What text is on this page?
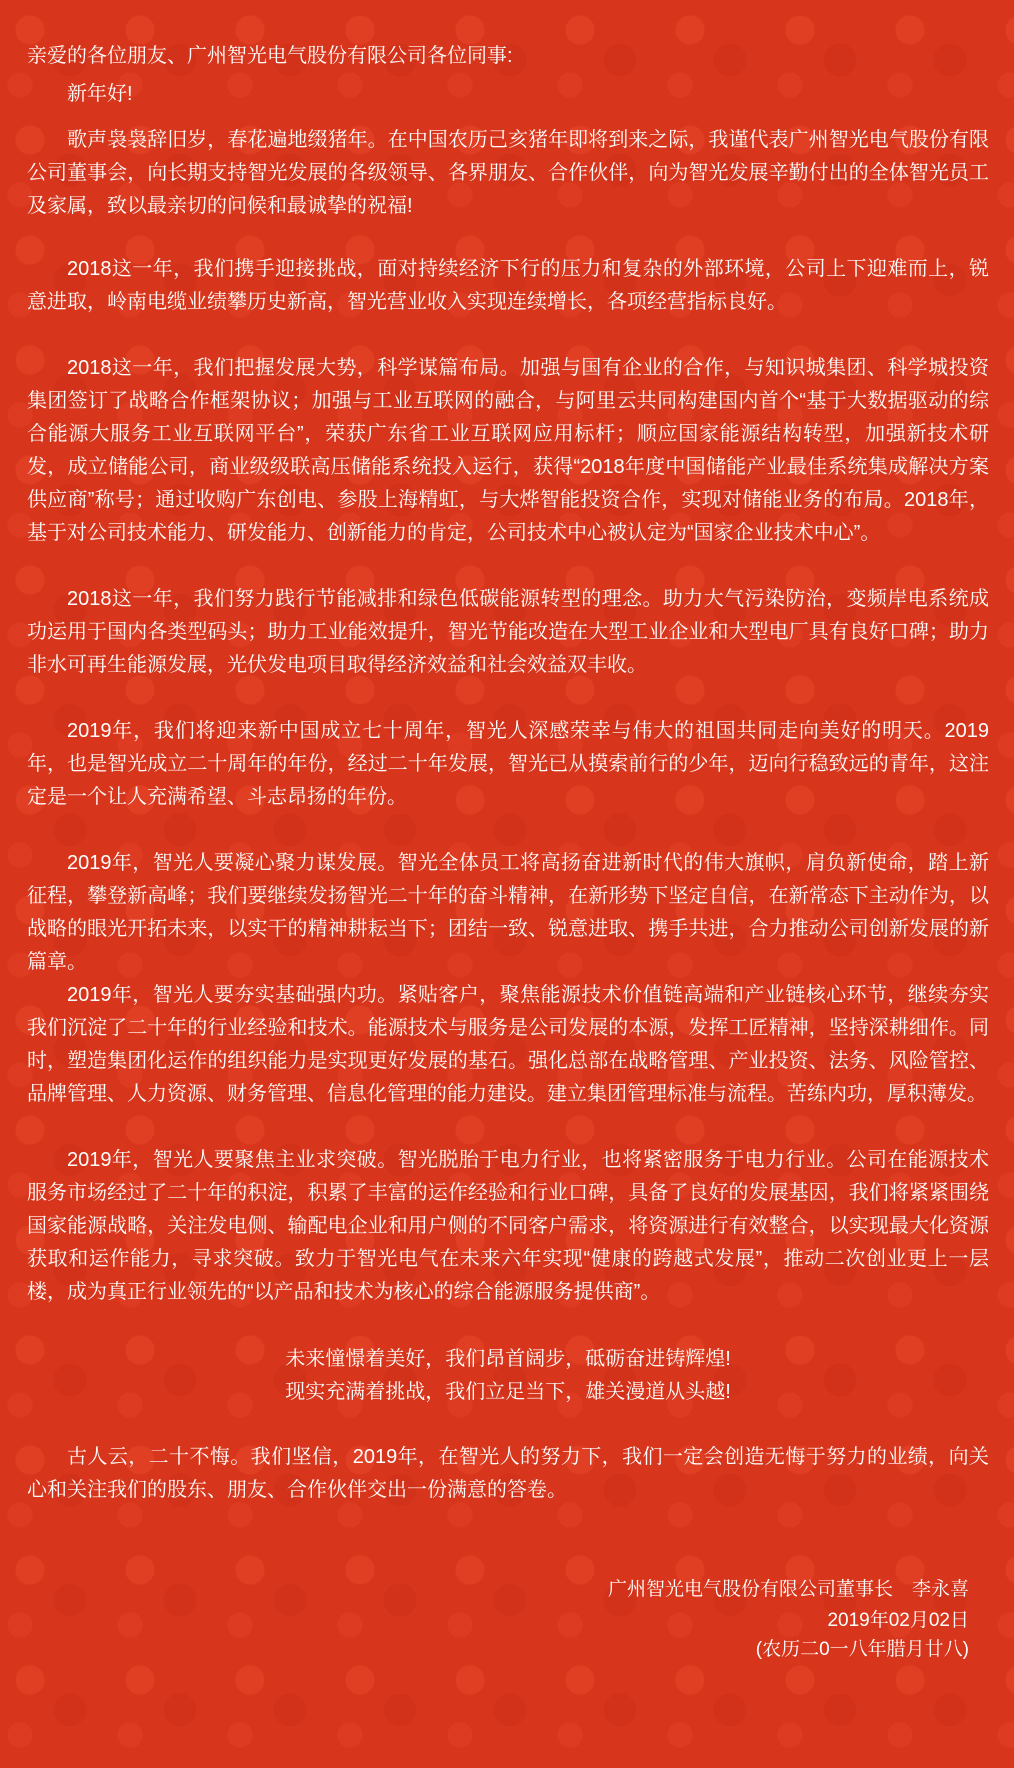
亲爱的各位朋友、广州智光电气股份有限公司各位同事:

新年好!

歌声袅袅辞旧岁，春花遍地缀猪年。在中国农历己亥猪年即将到来之际，我谨代表广州智光电气股份有限公司董事会，向长期支持智光发展的各级领导、各界朋友、合作伙伴，向为智光发展辛勤付出的全体智光员工及家属，致以最亲切的问候和最诚挚的祝福!

2018这一年，我们携手迎接挑战，面对持续经济下行的压力和复杂的外部环境，公司上下迎难而上，锐意进取，岭南电缆业绩攀历史新高，智光营业收入实现连续增长，各项经营指标良好。

2018这一年，我们把握发展大势，科学谋篇布局。加强与国有企业的合作，与知识城集团、科学城投资集团签订了战略合作框架协议；加强与工业互联网的融合，与阿里云共同构建国内首个“基于大数据驱动的综合能源大服务工业互联网平台”，荣获广东省工业互联网应用标杆；顺应国家能源结构转型，加强新技术研发，成立储能公司，商业级级联高压储能系统投入运行，获得“2018年度中国储能产业最佳系统集成解决方案供应商”称号；通过收购广东创电、参股上海精虹，与大烨智能投资合作，实现对储能业务的布局。2018年，基于对公司技术能力、研发能力、创新能力的肯定，公司技术中心被认定为“国家企业技术中心”。

2018这一年，我们努力践行节能减排和绿色低碳能源转型的理念。助力大气污染防治，变频岸电系统成功运用于国内各类型码头；助力工业能效提升，智光节能改造在大型工业企业和大型电厂具有良好口碑；助力非水可再生能源发展，光伏发电项目取得经济效益和社会效益双丰收。

2019年，我们将迎来新中国成立七十周年，智光人深感荣幸与伟大的祖国共同走向美好的明天。2019年，也是智光成立二十周年的年份，经过二十年发展，智光已从摸索前行的少年，迈向行稳致远的青年，这注定是一个让人充满希望、斗志昂扬的年份。

2019年，智光人要凝心聚力谋发展。智光全体员工将高扬奋进新时代的伟大旗帜，肩负新使命，踏上新征程，攀登新高峰；我们要继续发扬智光二十年的奋斗精神，在新形势下坚定自信，在新常态下主动作为，以战略的眼光开拓未来，以实干的精神耕耘当下；团结一致、锐意进取、携手共进，合力推动公司创新发展的新篇章。

2019年，智光人要夯实基础强内功。紧贴客户，聚焦能源技术价值链高端和产业链核心环节，继续夯实我们沉淀了二十年的行业经验和技术。能源技术与服务是公司发展的本源，发挥工匠精神，坚持深耕细作。同时，塑造集团化运作的组织能力是实现更好发展的基石。强化总部在战略管理、产业投资、法务、风险管控、品牌管理、人力资源、财务管理、信息化管理的能力建设。建立集团管理标准与流程。苦练内功，厚积薄发。

2019年，智光人要聚焦主业求突破。智光脱胎于电力行业，也将紧密服务于电力行业。公司在能源技术服务市场经过了二十年的积淀，积累了丰富的运作经验和行业口碑，具备了良好的发展基因，我们将紧紧围绕国家能源战略，关注发电侧、输配电企业和用户侧的不同客户需求，将资源进行有效整合，以实现最大化资源获取和运作能力，寻求突破。致力于智光电气在未来六年实现“健康的跨越式发展”，推动二次创业更上一层楼，成为真正行业领先的“以产品和技术为核心的综合能源服务提供商”。

未来憧憬着美好，我们昂首阔步，砥砺奋进铸辉煌!

现实充满着挑战，我们立足当下，雄关漫道从头越!

古人云，二十不悔。我们坚信，2019年，在智光人的努力下，我们一定会创造无悔于努力的业绩，向关心和关注我们的股东、朋友、合作伙伴交出一份满意的答卷。

广州智光电气股份有限公司董事长　李永喜
2019年02月02日
(农历二0一八年腊月廿八)
